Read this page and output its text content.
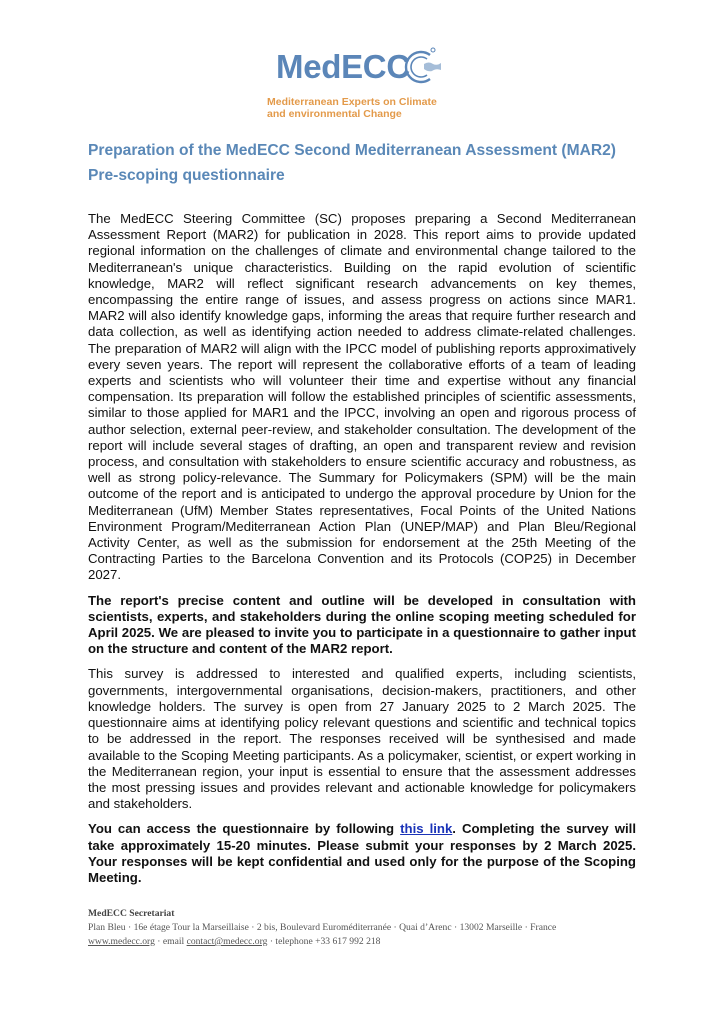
MedECC
Mediterranean Experts on Climate
and environmental Change
Preparation of the MedECC Second Mediterranean Assessment (MAR2)
Pre-scoping questionnaire

The MedECC Steering Committee (SC) proposes preparing a Second Mediterranean Assessment Report (MAR2) for publication in 2028. This report aims to provide updated regional information on the challenges of climate and environmental change tailored to the Mediterranean's unique characteristics. Building on the rapid evolution of scientific knowledge, MAR2 will reflect significant research advancements on key themes, encompassing the entire range of issues, and assess progress on actions since MAR1. MAR2 will also identify knowledge gaps, informing the areas that require further research and data collection, as well as identifying action needed to address climate-related challenges. The preparation of MAR2 will align with the IPCC model of publishing reports approximatively every seven years. The report will represent the collaborative efforts of a team of leading experts and scientists who will volunteer their time and expertise without any financial compensation. Its preparation will follow the established principles of scientific assessments, similar to those applied for MAR1 and the IPCC, involving an open and rigorous process of author selection, external peer-review, and stakeholder consultation. The development of the report will include several stages of drafting, an open and transparent review and revision process, and consultation with stakeholders to ensure scientific accuracy and robustness, as well as strong policy-relevance. The Summary for Policymakers (SPM) will be the main outcome of the report and is anticipated to undergo the approval procedure by Union for the Mediterranean (UfM) Member States representatives, Focal Points of the United Nations Environment Program/Mediterranean Action Plan (UNEP/MAP) and Plan Bleu/Regional Activity Center, as well as the submission for endorsement at the 25th Meeting of the Contracting Parties to the Barcelona Convention and its Protocols (COP25) in December 2027.

The report's precise content and outline will be developed in consultation with scientists, experts, and stakeholders during the online scoping meeting scheduled for April 2025. We are pleased to invite you to participate in a questionnaire to gather input on the structure and content of the MAR2 report.

This survey is addressed to interested and qualified experts, including scientists, governments, intergovernmental organisations, decision-makers, practitioners, and other knowledge holders. The survey is open from 27 January 2025 to 2 March 2025. The questionnaire aims at identifying policy relevant questions and scientific and technical topics to be addressed in the report. The responses received will be synthesised and made available to the Scoping Meeting participants. As a policymaker, scientist, or expert working in the Mediterranean region, your input is essential to ensure that the assessment addresses the most pressing issues and provides relevant and actionable knowledge for policymakers and stakeholders.

You can access the questionnaire by following this link. Completing the survey will take approximately 15-20 minutes. Please submit your responses by 2 March 2025. Your responses will be kept confidential and used only for the purpose of the Scoping Meeting.

MedECC Secretariat
Plan Bleu · 16e étage Tour la Marseillaise · 2 bis, Boulevard Euroméditerranée · Quai d’Arenc · 13002 Marseille · France
www.medecc.org · email contact@medecc.org · telephone +33 617 992 218
